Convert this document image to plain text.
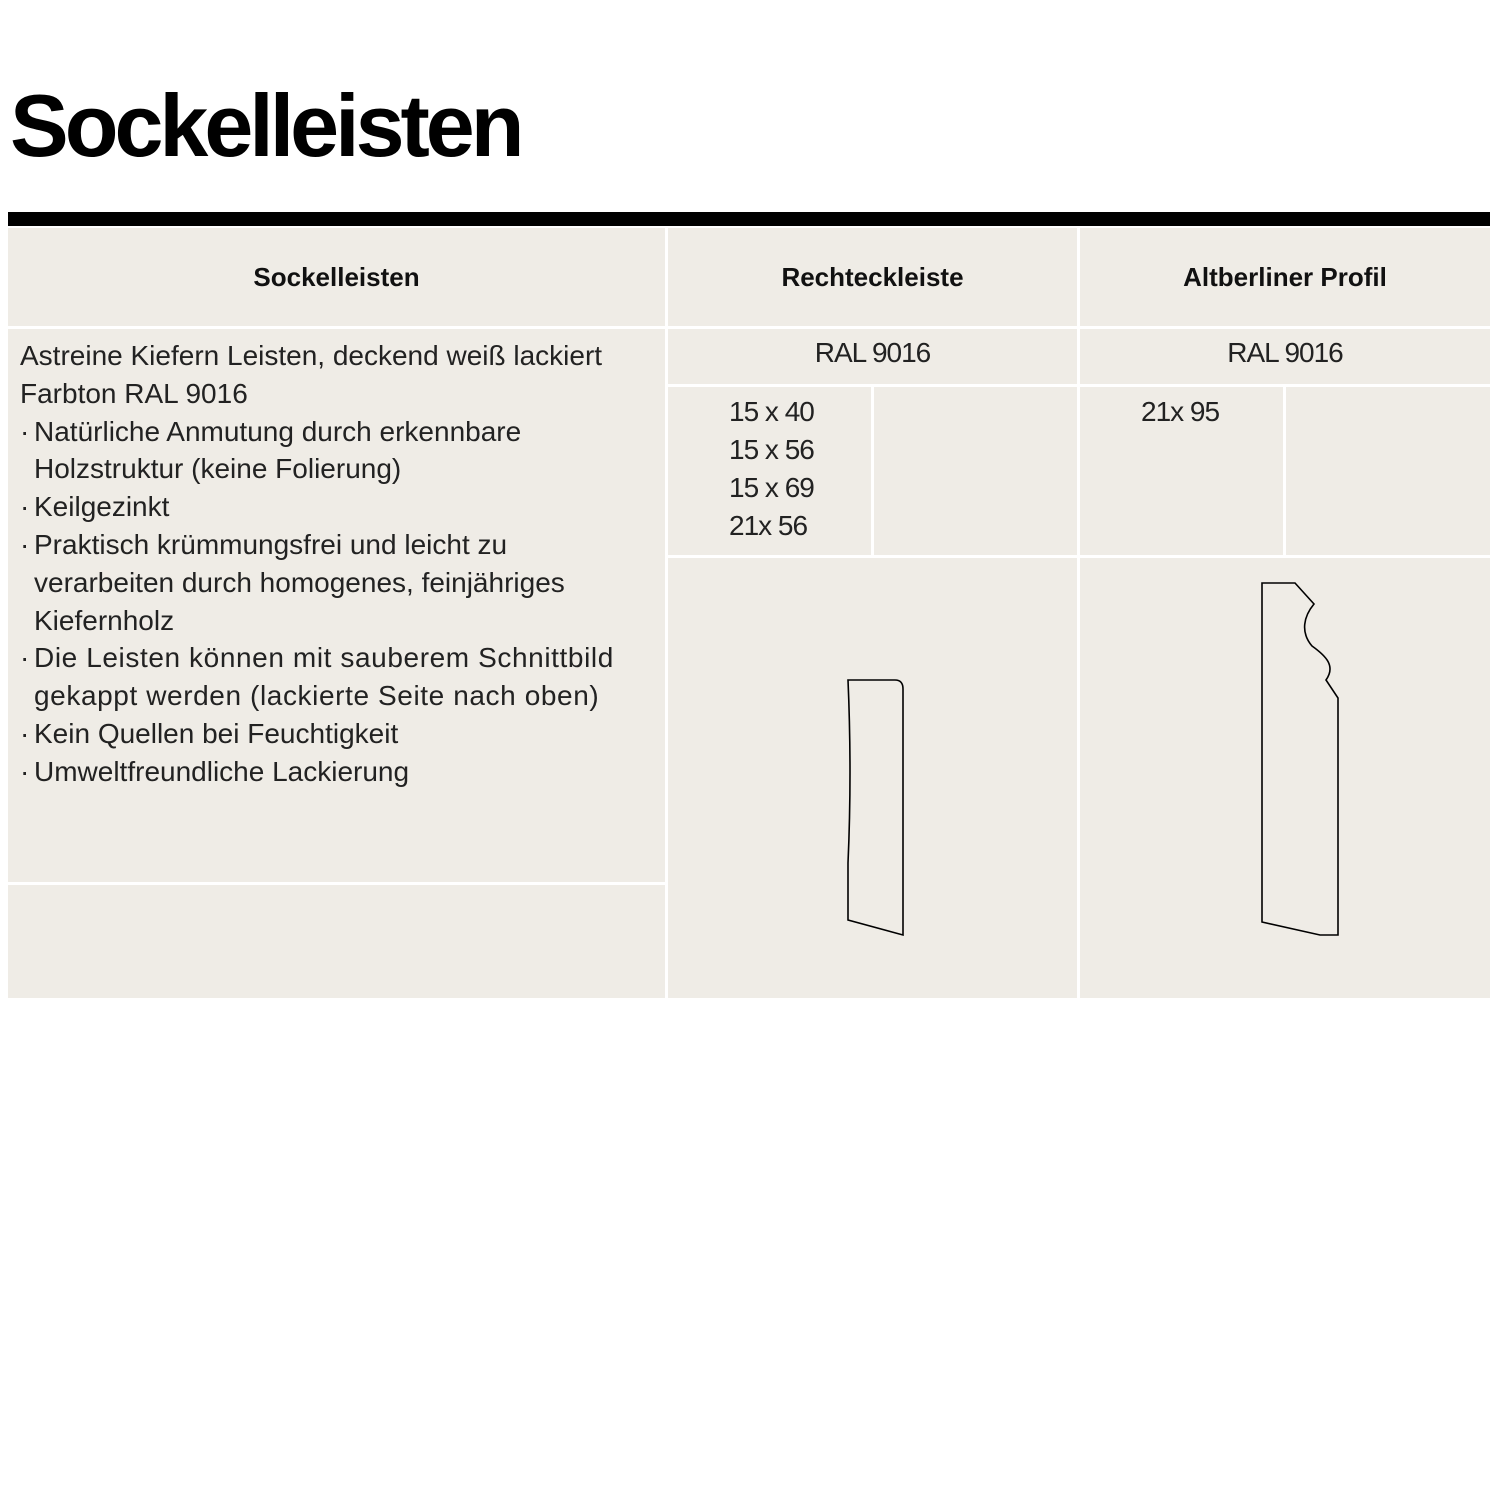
Sockelleisten
Sockelleisten	Rechteckleiste	Altberliner Profil

Astreine Kiefern Leisten, deckend weiß lackiert

Farbton RAL 9016

· Natürliche Anmutung durch erkennbare Holzstruktur (keine Folierung)
· Keilgezinkt
· Praktisch krümmungsfrei und leicht zu verarbeiten durch homogenes, feinjähriges Kiefernholz
· Die Leisten können mit sauberem Schnittbild gekappt werden (lackierte Seite nach oben)
· Kein Quellen bei Feuchtigkeit
· Umweltfreundliche Lackierung
RAL 9016
15 x 40
15 x 56
15 x 69
21x 56
RAL 9016
21x 95
